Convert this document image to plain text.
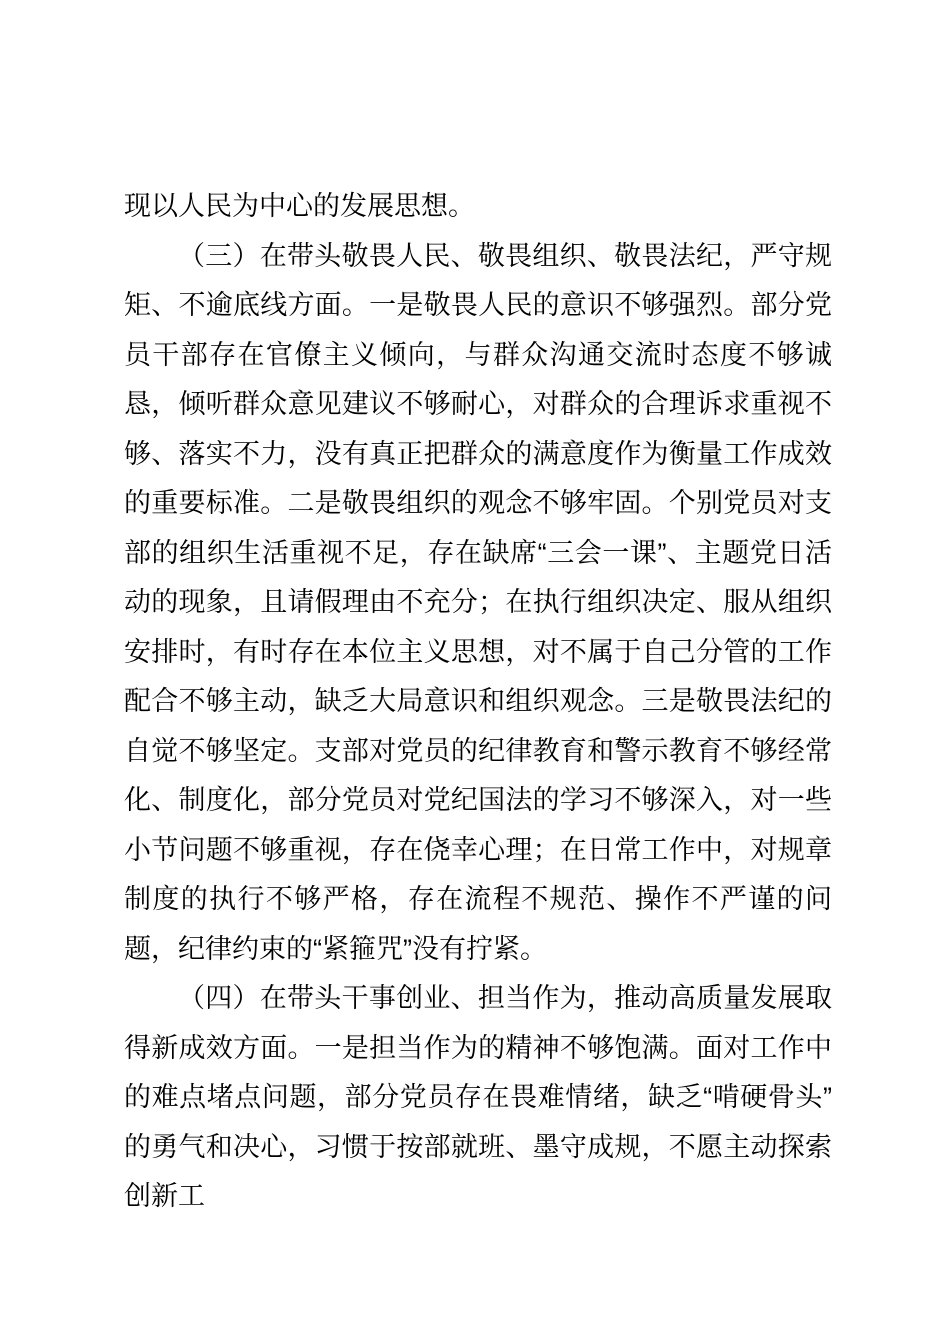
现以人民为中心的发展思想。

（三）在带头敬畏人民、敬畏组织、敬畏法纪，严守规矩、不逾底线方面。一是敬畏人民的意识不够强烈。部分党员干部存在官僚主义倾向，与群众沟通交流时态度不够诚恳，倾听群众意见建议不够耐心，对群众的合理诉求重视不够、落实不力，没有真正把群众的满意度作为衡量工作成效的重要标准。二是敬畏组织的观念不够牢固。个别党员对支部的组织生活重视不足，存在缺席“三会一课”、主题党日活动的现象，且请假理由不充分；在执行组织决定、服从组织安排时，有时存在本位主义思想，对不属于自己分管的工作配合不够主动，缺乏大局意识和组织观念。三是敬畏法纪的自觉不够坚定。支部对党员的纪律教育和警示教育不够经常化、制度化，部分党员对党纪国法的学习不够深入，对一些小节问题不够重视，存在侥幸心理；在日常工作中，对规章制度的执行不够严格，存在流程不规范、操作不严谨的问题，纪律约束的“紧箍咒”没有拧紧。

（四）在带头干事创业、担当作为，推动高质量发展取得新成效方面。一是担当作为的精神不够饱满。面对工作中的难点堵点问题，部分党员存在畏难情绪，缺乏“啃硬骨头”的勇气和决心，习惯于按部就班、墨守成规，不愿主动探索创新工
